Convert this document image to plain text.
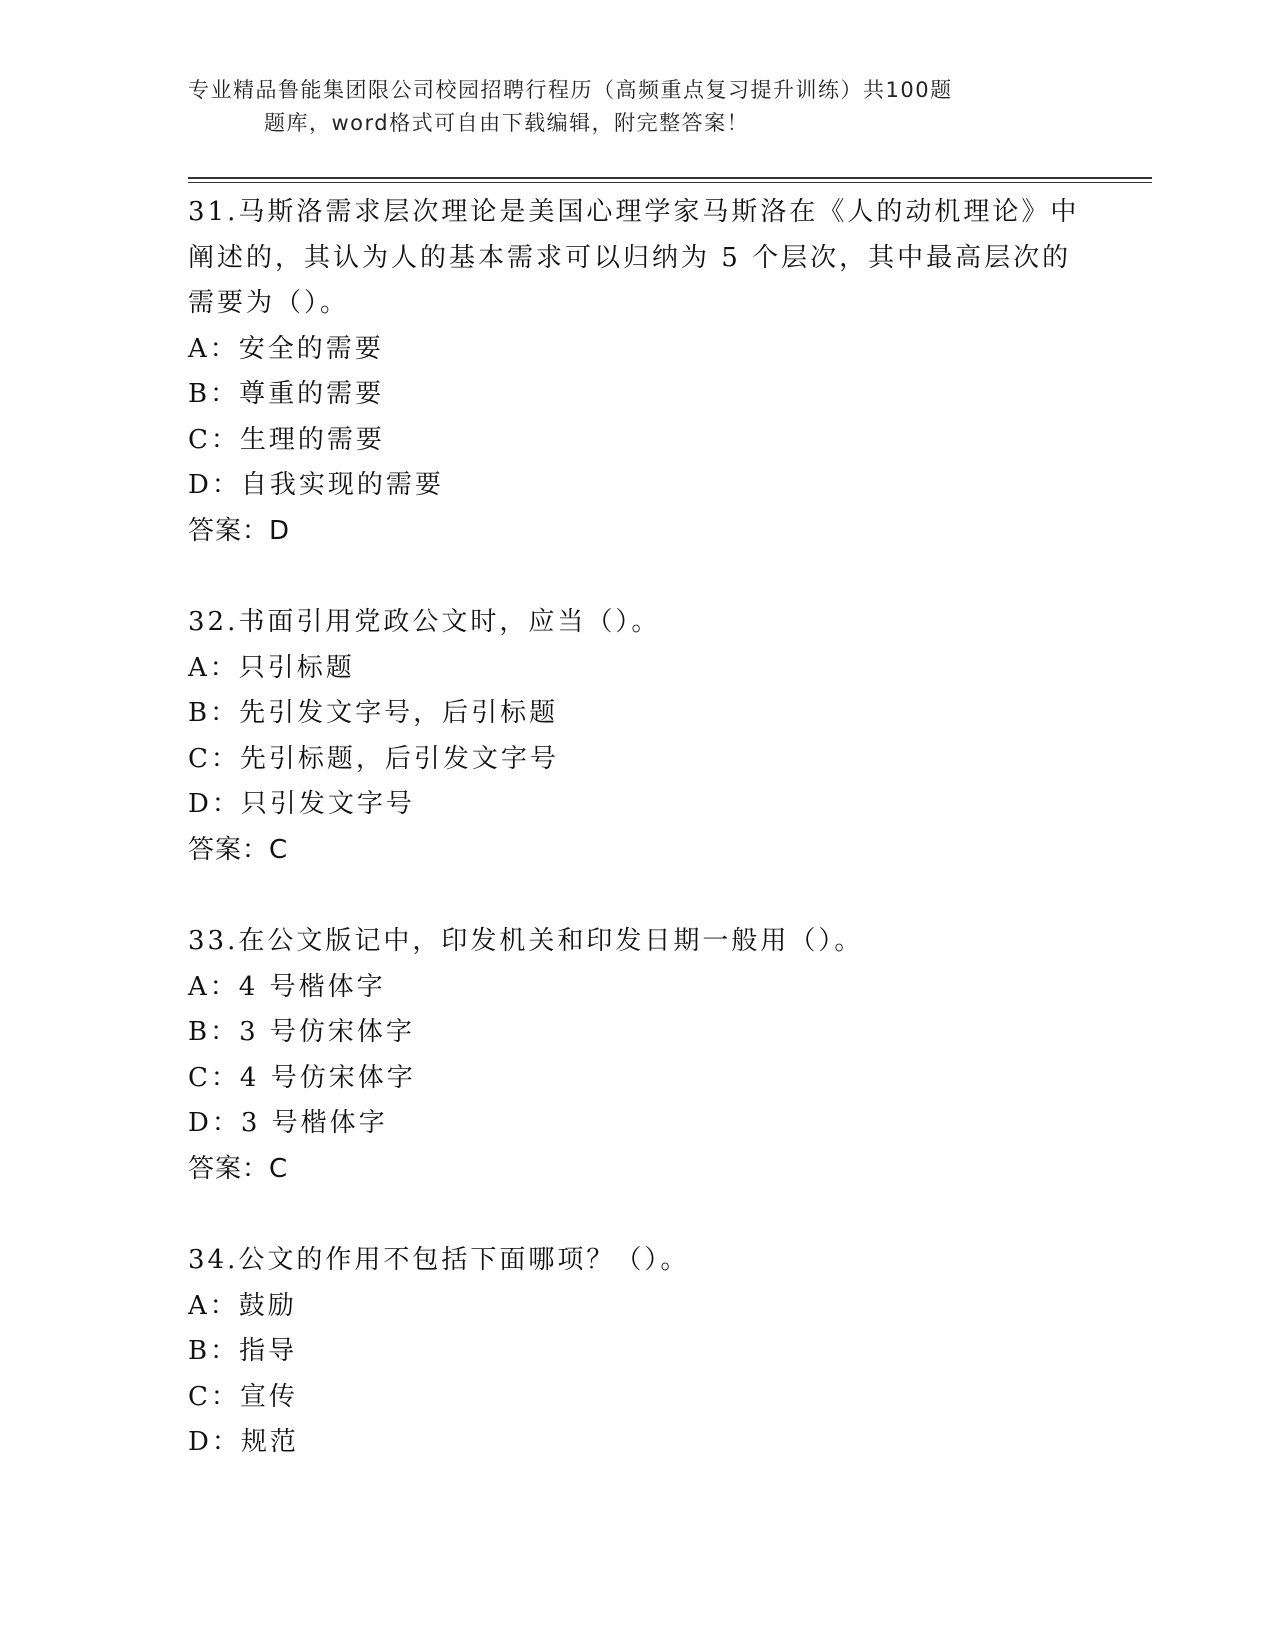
专业精品鲁能集团限公司校园招聘行程历（高频重点复习提升训练）共100题
题库，word格式可自由下载编辑，附完整答案！

31.马斯洛需求层次理论是美国心理学家马斯洛在《人的动机理论》中

阐述的，其认为人的基本需求可以归纳为 5 个层次，其中最高层次的

需要为（）。

A：安全的需要

B：尊重的需要

C：生理的需要

D：自我实现的需要

答案：D

32.书面引用党政公文时，应当（）。

A：只引标题

B：先引发文字号，后引标题

C：先引标题，后引发文字号

D：只引发文字号

答案：C

33.在公文版记中，印发机关和印发日期一般用（）。

A：4 号楷体字

B：3 号仿宋体字

C：4 号仿宋体字

D：3 号楷体字

答案：C

34.公文的作用不包括下面哪项？（）。

A：鼓励

B：指导

C：宣传

D：规范
